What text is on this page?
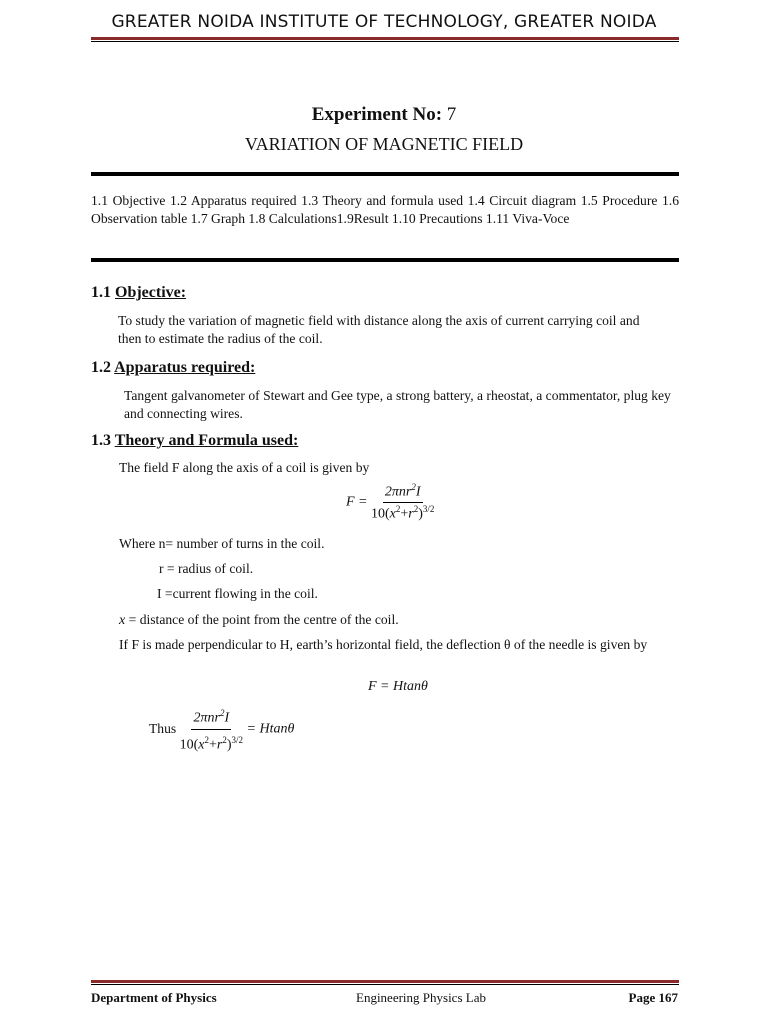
GREATER NOIDA INSTITUTE OF TECHNOLOGY, GREATER NOIDA
Experiment No: 7
VARIATION OF MAGNETIC FIELD
1.1 Objective 1.2 Apparatus required 1.3 Theory and formula used 1.4 Circuit diagram 1.5 Procedure 1.6 Observation table 1.7 Graph 1.8 Calculations1.9Result 1.10 Precautions 1.11 Viva-Voce
1.1 Objective:
To study the variation of magnetic field with distance along the axis of current carrying coil and then to estimate the radius of the coil.
1.2 Apparatus required:
Tangent galvanometer of Stewart and Gee type, a strong battery, a rheostat, a commentator, plug key and connecting wires.
1.3 Theory and Formula used:
The field F along the axis of a coil is given by
$F = \frac{2\pi nr^2I}{10(x^2+r^2)^{3/2}}$
Where n= number of turns in the coil.
r = radius of coil.
I =current flowing in the coil.
x = distance of the point from the centre of the coil.
If F is made perpendicular to H, earth’s horizontal field, the deflection θ of the needle is given by
F = Htanθ
Thus
$\frac{2\pi nr^2I}{10(x^2+r^2)^{3/2}} = Htan\theta$
Department of Physics	Engineering Physics Lab	Page 167
